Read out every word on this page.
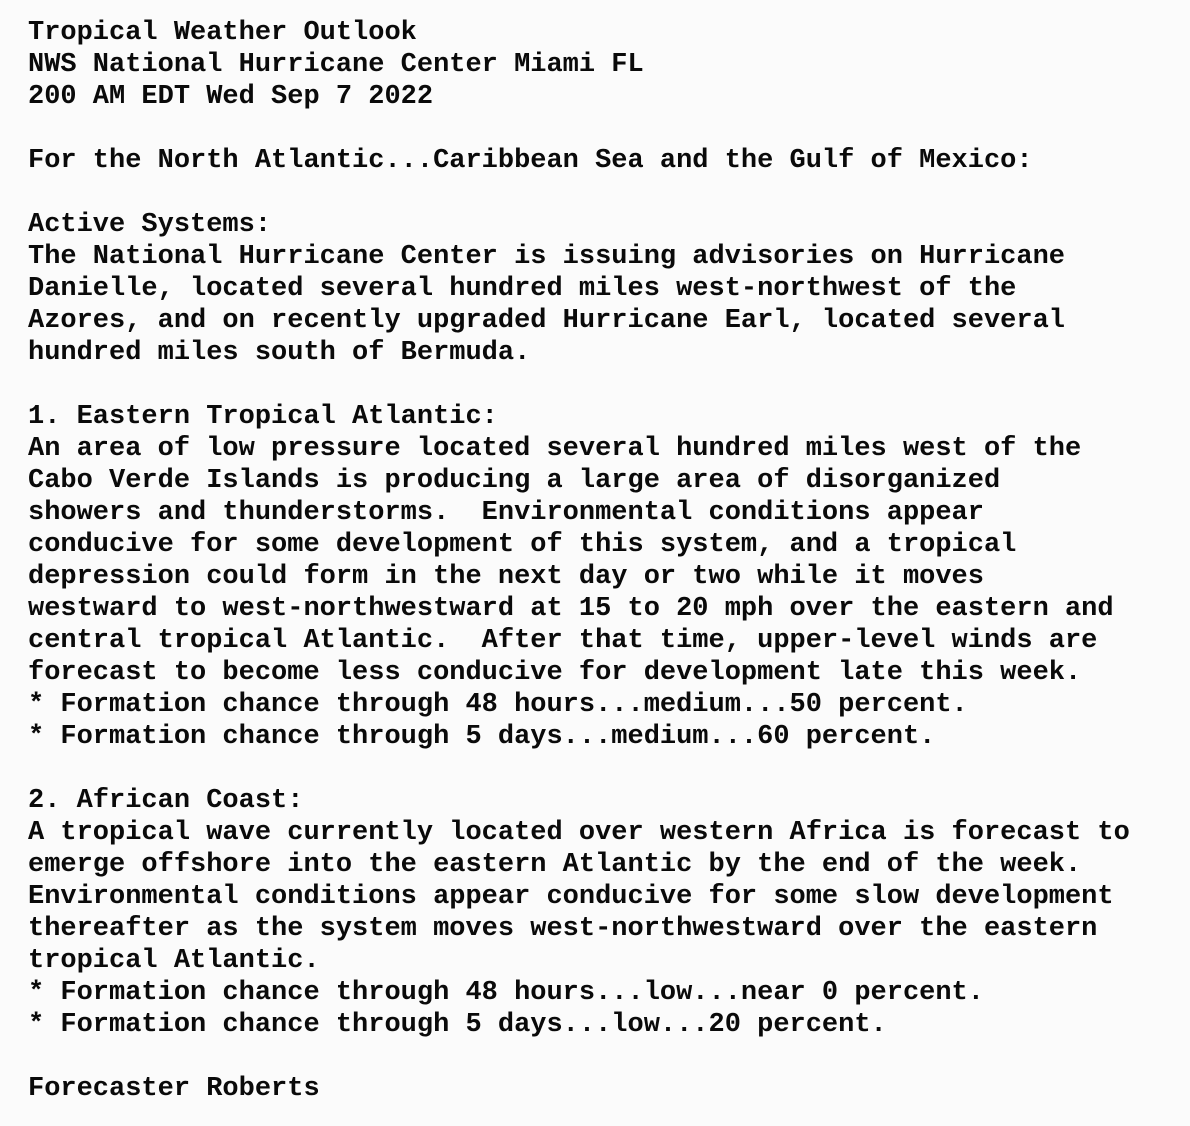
Tropical Weather Outlook
NWS National Hurricane Center Miami FL
200 AM EDT Wed Sep 7 2022
For the North Atlantic...Caribbean Sea and the Gulf of Mexico:
Active Systems:
The National Hurricane Center is issuing advisories on Hurricane
Danielle, located several hundred miles west-northwest of the
Azores, and on recently upgraded Hurricane Earl, located several
hundred miles south of Bermuda.
1. Eastern Tropical Atlantic:
An area of low pressure located several hundred miles west of the
Cabo Verde Islands is producing a large area of disorganized
showers and thunderstorms.  Environmental conditions appear
conducive for some development of this system, and a tropical
depression could form in the next day or two while it moves
westward to west-northwestward at 15 to 20 mph over the eastern and
central tropical Atlantic.  After that time, upper-level winds are
forecast to become less conducive for development late this week.
* Formation chance through 48 hours...medium...50 percent.
* Formation chance through 5 days...medium...60 percent.
2. African Coast:
A tropical wave currently located over western Africa is forecast to
emerge offshore into the eastern Atlantic by the end of the week.
Environmental conditions appear conducive for some slow development
thereafter as the system moves west-northwestward over the eastern
tropical Atlantic.
* Formation chance through 48 hours...low...near 0 percent.
* Formation chance through 5 days...low...20 percent.
Forecaster Roberts
